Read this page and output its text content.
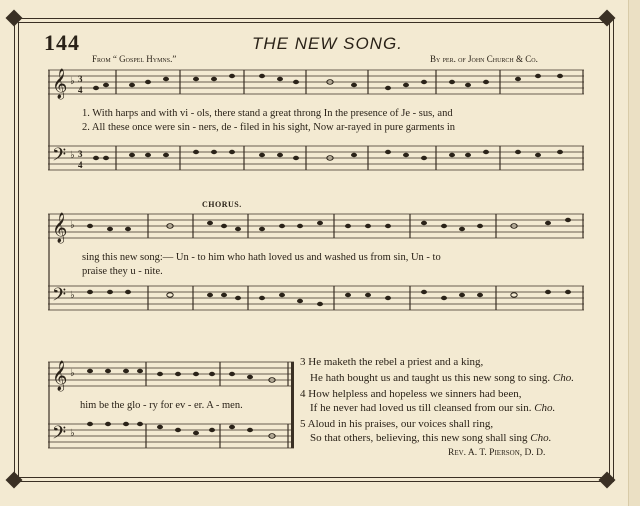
144	THE NEW SONG.
From “ Gospel Hymns.”	By per. of John Church & Co.
𝄞
𝄢
♭
♭
3
4
3
4
1. With harps and with vi - ols, there stand a great throng In the presence of Je - sus, and
2. All these once were sin - ners, de - filed in his sight, Now ar-rayed in pure garments in
CHORUS.
𝄞
𝄢
♭
♭
sing this new song:— Un - to him who hath loved us and washed us from sin, Un - to
praise they u - nite.
𝄞
𝄢
♭
♭
him be the glo - ry for ev - er. A - men.
3 He maketh the rebel a priest and a king,
He hath bought us and taught us this new song to sing. Cho.
4 How helpless and hopeless we sinners had been,
If he never had loved us till cleansed from our sin. Cho.
5 Aloud in his praises, our voices shall ring,
So that others, believing, this new song shall sing Cho.
Rev. A. T. Pierson, D. D.
